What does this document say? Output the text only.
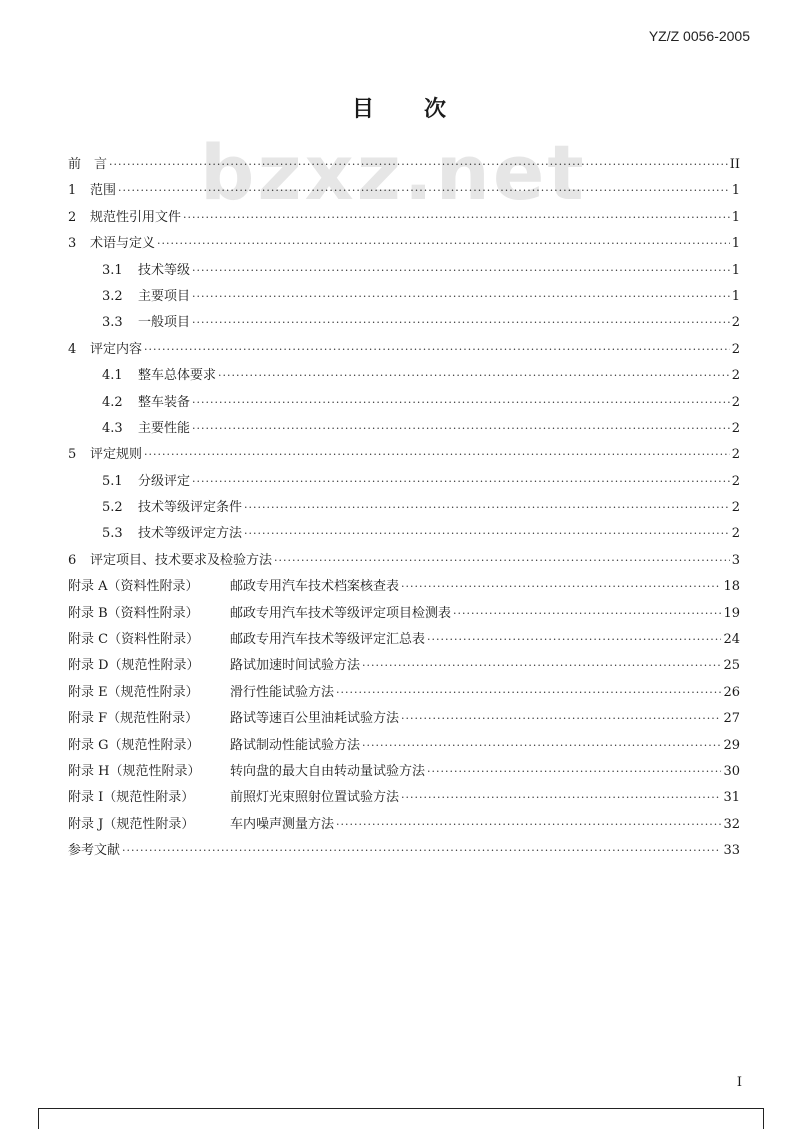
YZ/Z 0056-2005
目　　次
bzxz.net
前　言 ·····	II
1	范围 ·····	1
2	规范性引用文件 ·····	1
3	术语与定义 ·····	1
3.1	技术等级 ·····	1
3.2	主要项目 ·····	1
3.3	一般项目 ·····	2
4	评定内容 ·····	2
4.1	整车总体要求 ·····	2
4.2	整车装备 ·····	2
4.3	主要性能 ·····	2
5	评定规则 ·····	2
5.1	分级评定 ·····	2
5.2	技术等级评定条件 ·····	2
5.3	技术等级评定方法 ·····	2
6	评定项目、技术要求及检验方法 ·····	3
附录 A（资料性附录）	邮政专用汽车技术档案核查表 ·····	18
附录 B（资料性附录）	邮政专用汽车技术等级评定项目检测表 ·····	19
附录 C（资料性附录）	邮政专用汽车技术等级评定汇总表 ·····	24
附录 D（规范性附录）	路试加速时间试验方法 ·····	25
附录 E（规范性附录）	滑行性能试验方法 ·····	26
附录 F（规范性附录）	路试等速百公里油耗试验方法 ·····	27
附录 G（规范性附录）	路试制动性能试验方法 ·····	29
附录 H（规范性附录）	转向盘的最大自由转动量试验方法 ·····	30
附录 I（规范性附录）	前照灯光束照射位置试验方法 ·····	31
附录 J（规范性附录）	车内噪声测量方法 ·····	32
参考文献 ·····	33
I
